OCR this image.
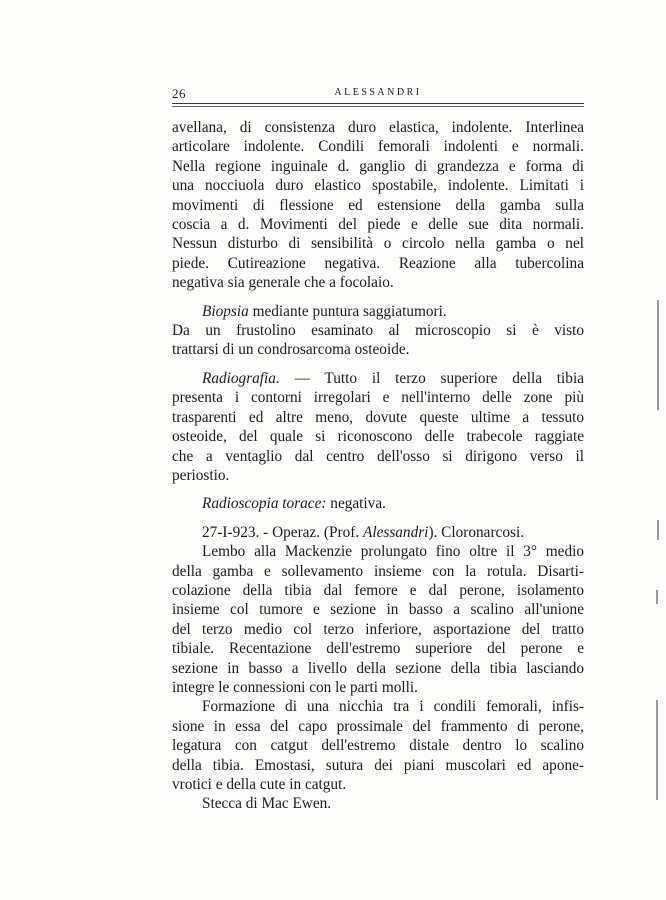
26	ALESSANDRI

avellana, di consistenza duro elastica, indolente. Interlinea
articolare indolente. Condili femorali indolenti e normali.
Nella regione inguinale d. ganglio di grandezza e forma di
una nocciuola duro elastico spostabile, indolente. Limitati i
movimenti di flessione ed estensione della gamba sulla
coscia a d. Movimenti del piede e delle sue dita normali.
Nessun disturbo di sensibilità o circolo nella gamba o nel
piede. Cutireazione negativa. Reazione alla tubercolina
negativa sia generale che a focolaio.

Biopsia mediante puntura saggiatumori.
Da un frustolino esaminato al microscopio si è visto
trattarsi di un condrosarcoma osteoide.

Radiografia. — Tutto il terzo superiore della tibia
presenta i contorni irregolari e nell'interno delle zone più
trasparenti ed altre meno, dovute queste ultime a tessuto
osteoide, del quale si riconoscono delle trabecole raggiate
che a ventaglio dal centro dell'osso si dirigono verso il
periostio.

Radioscopia torace: negativa.

27-I-923. - Operaz. (Prof. Alessandri). Cloronarcosi.
Lembo alla Mackenzie prolungato fino oltre il 3° medio
della gamba e sollevamento insieme con la rotula. Disarti-
colazione della tibia dal femore e dal perone, isolamento
insieme col tumore e sezione in basso a scalino all'unione
del terzo medio col terzo inferiore, asportazione del tratto
tibiale. Recentazione dell'estremo superiore del perone e
sezione in basso a livello della sezione della tibia lasciando
integre le connessioni con le parti molli.
Formazione di una nicchia tra i condili femorali, infis-
sione in essa del capo prossimale del frammento di perone,
legatura con catgut dell'estremo distale dentro lo scalino
della tibia. Emostasi, sutura dei piani muscolari ed apone-
vrotici e della cute in catgut.
Stecca di Mac Ewen.
